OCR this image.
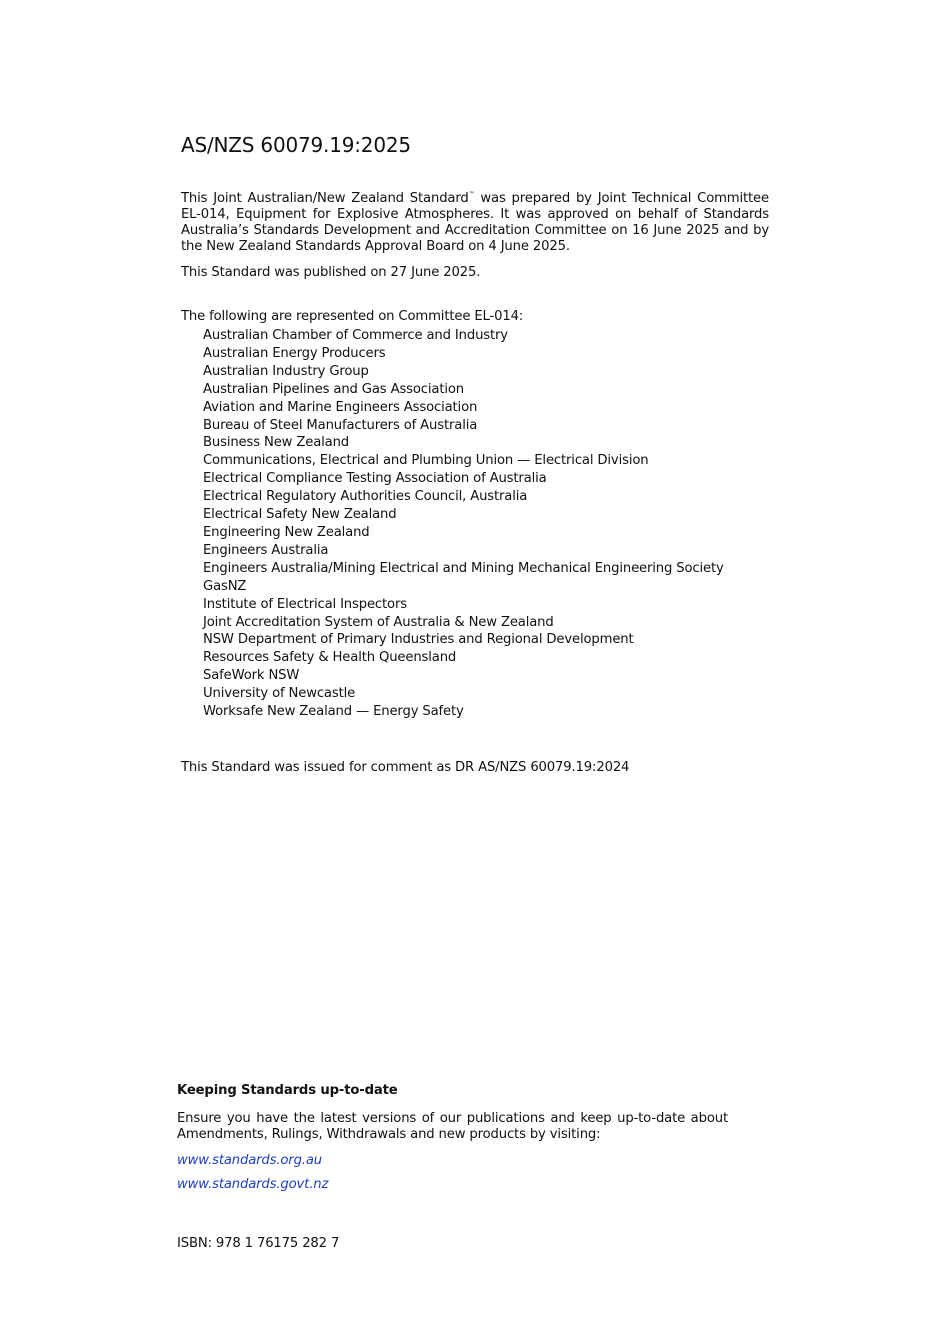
AS/NZS 60079.19:2025
This Joint Australian/New Zealand Standard™ was prepared by Joint Technical Committee EL-014, Equipment for Explosive Atmospheres. It was approved on behalf of Standards Australia’s Standards Development and Accreditation Committee on 16 June 2025 and by the New Zealand Standards Approval Board on 4 June 2025.
This Standard was published on 27 June 2025.
The following are represented on Committee EL-014:
Australian Chamber of Commerce and Industry
Australian Energy Producers
Australian Industry Group
Australian Pipelines and Gas Association
Aviation and Marine Engineers Association
Bureau of Steel Manufacturers of Australia
Business New Zealand
Communications, Electrical and Plumbing Union — Electrical Division
Electrical Compliance Testing Association of Australia
Electrical Regulatory Authorities Council, Australia
Electrical Safety New Zealand
Engineering New Zealand
Engineers Australia
Engineers Australia/Mining Electrical and Mining Mechanical Engineering Society
GasNZ
Institute of Electrical Inspectors
Joint Accreditation System of Australia & New Zealand
NSW Department of Primary Industries and Regional Development
Resources Safety & Health Queensland
SafeWork NSW
University of Newcastle
Worksafe New Zealand — Energy Safety
This Standard was issued for comment as DR AS/NZS 60079.19:2024
Keeping Standards up-to-date
Ensure you have the latest versions of our publications and keep up-to-date about Amendments, Rulings, Withdrawals and new products by visiting:
www.standards.org.au
www.standards.govt.nz
ISBN: 978 1 76175 282 7
